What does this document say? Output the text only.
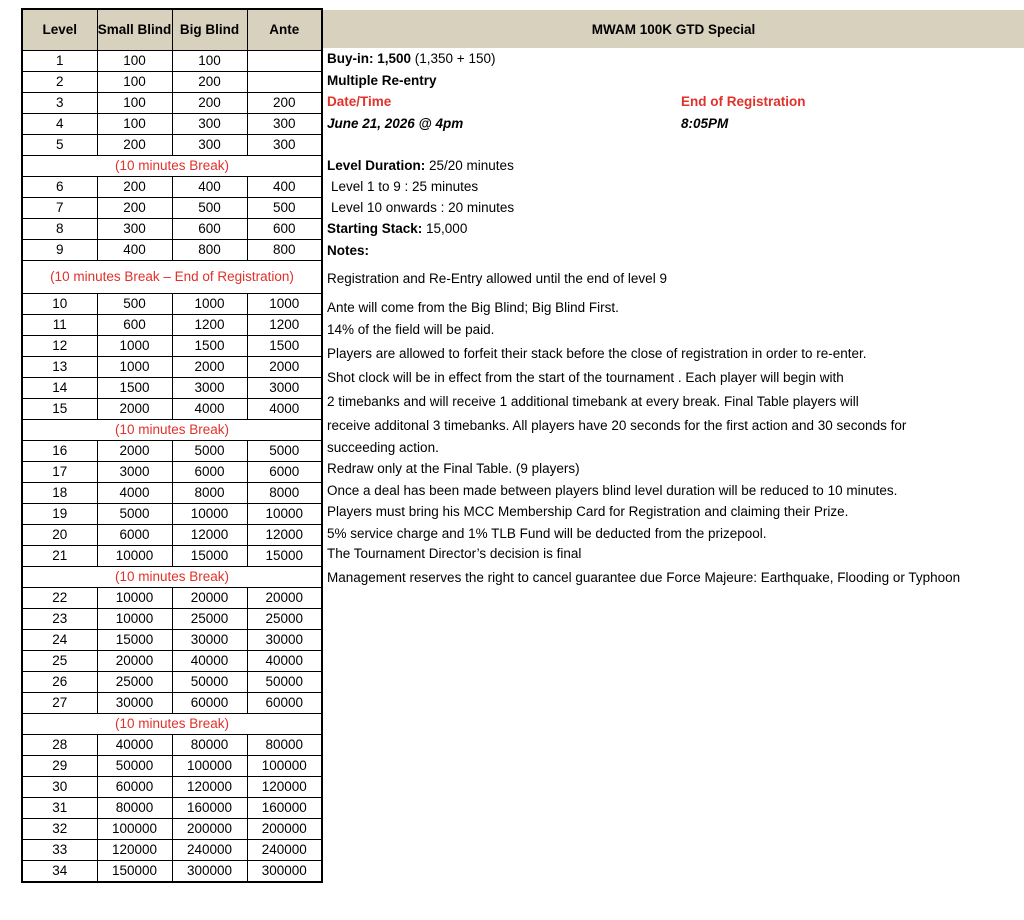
Level	Small Blind	Big Blind	Ante
1	100	100	
2	100	200	
3	100	200	200
4	100	300	300
5	200	300	300
(10 minutes Break)			
6	200	400	400
7	200	500	500
8	300	600	600
9	400	800	800
(10 minutes Break – End of Registration)			
10	500	1000	1000
11	600	1200	1200
12	1000	1500	1500
13	1000	2000	2000
14	1500	3000	3000
15	2000	4000	4000
(10 minutes Break)			
16	2000	5000	5000
17	3000	6000	6000
18	4000	8000	8000
19	5000	10000	10000
20	6000	12000	12000
21	10000	15000	15000
(10 minutes Break)			
22	10000	20000	20000
23	10000	25000	25000
24	15000	30000	30000
25	20000	40000	40000
26	25000	50000	50000
27	30000	60000	60000
(10 minutes Break)			
28	40000	80000	80000
29	50000	100000	100000
30	60000	120000	120000
31	80000	160000	160000
32	100000	200000	200000
33	120000	240000	240000
34	150000	300000	300000
MWAM 100K GTD Special
Buy-in: 1,500 (1,350 + 150)
Multiple Re-entry
Date/Time	End of Registration
June 21, 2026 @ 4pm	8:05PM
Level Duration: 25/20 minutes
Level 1 to 9 : 25 minutes
Level 10 onwards : 20 minutes
Starting Stack: 15,000
Notes:
Registration and Re-Entry allowed until the end of level 9
Ante will come from the Big Blind; Big Blind First.
14% of the field will be paid.
Players are allowed to forfeit their stack before the close of registration in order to re-enter.
Shot clock will be in effect from the start of the tournament . Each player will begin with
2 timebanks and will receive 1 additional timebank at every break. Final Table players will
receive additonal 3 timebanks. All players have 20 seconds for the first action and 30 seconds for
succeeding action.
Redraw only at the Final Table. (9 players)
Once a deal has been made between players blind level duration will be reduced to 10 minutes.
Players must bring his MCC Membership Card for Registration and claiming their Prize.
5% service charge and 1% TLB Fund will be deducted from the prizepool.
The Tournament Director’s decision is final
Management reserves the right to cancel guarantee due Force Majeure: Earthquake, Flooding or Typhoon
